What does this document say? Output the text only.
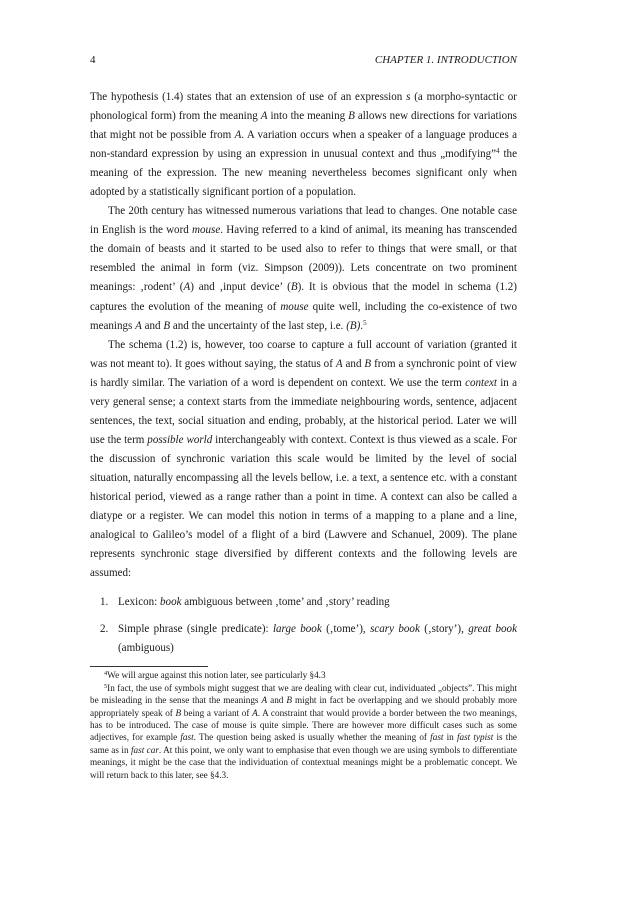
4	CHAPTER 1. INTRODUCTION

The hypothesis (1.4) states that an extension of use of an expression s (a morpho-syntactic or phonological form) from the meaning A into the meaning B allows new directions for variations that might not be possible from A. A variation occurs when a speaker of a language produces a non-standard expression by using an expression in unusual context and thus „modifying”$^4$ the meaning of the expression. The new meaning nevertheless becomes significant only when adopted by a statistically significant portion of a population.

The 20th century has witnessed numerous variations that lead to changes. One notable case in English is the word mouse. Having referred to a kind of animal, its meaning has transcended the domain of beasts and it started to be used also to refer to things that were small, or that resembled the animal in form (viz. Simpson (2009)). Lets concentrate on two prominent meanings: ‚rodent’ (A) and ‚input device’ (B). It is obvious that the model in schema (1.2) captures the evolution of the meaning of mouse quite well, including the co-existence of two meanings A and B and the uncertainty of the last step, i.e. (B).$^5$

The schema (1.2) is, however, too coarse to capture a full account of variation (granted it was not meant to). It goes without saying, the status of A and B from a synchronic point of view is hardly similar. The variation of a word is dependent on context. We use the term context in a very general sense; a context starts from the immediate neighbouring words, sentence, adjacent sentences, the text, social situation and ending, probably, at the historical period. Later we will use the term possible world interchangeably with context. Context is thus viewed as a scale. For the discussion of synchronic variation this scale would be limited by the level of social situation, naturally encompassing all the levels bellow, i.e. a text, a sentence etc. with a constant historical period, viewed as a range rather than a point in time. A context can also be called a diatype or a register. We can model this notion in terms of a mapping to a plane and a line, analogical to Galileo’s model of a flight of a bird (Lawvere and Schanuel, 2009). The plane represents synchronic stage diversified by different contexts and the following levels are assumed:

1. Lexicon: book ambiguous between ‚tome’ and ‚story’ reading
2. Simple phrase (single predicate): large book (‚tome’), scary book (‚story’), great book (ambiguous)

$^4$We will argue against this notion later, see particularly §4.3

$^5$In fact, the use of symbols might suggest that we are dealing with clear cut, individuated „objects”. This might be misleading in the sense that the meanings A and B might in fact be overlapping and we should probably more appropriately speak of B being a variant of A. A constraint that would provide a border between the two meanings, has to be introduced. The case of mouse is quite simple. There are however more difficult cases such as some adjectives, for example fast. The question being asked is usually whether the meaning of fast in fast typist is the same as in fast car. At this point, we only want to emphasise that even though we are using symbols to differentiate meanings, it might be the case that the individuation of contextual meanings might be a problematic concept. We will return back to this later, see §4.3.
